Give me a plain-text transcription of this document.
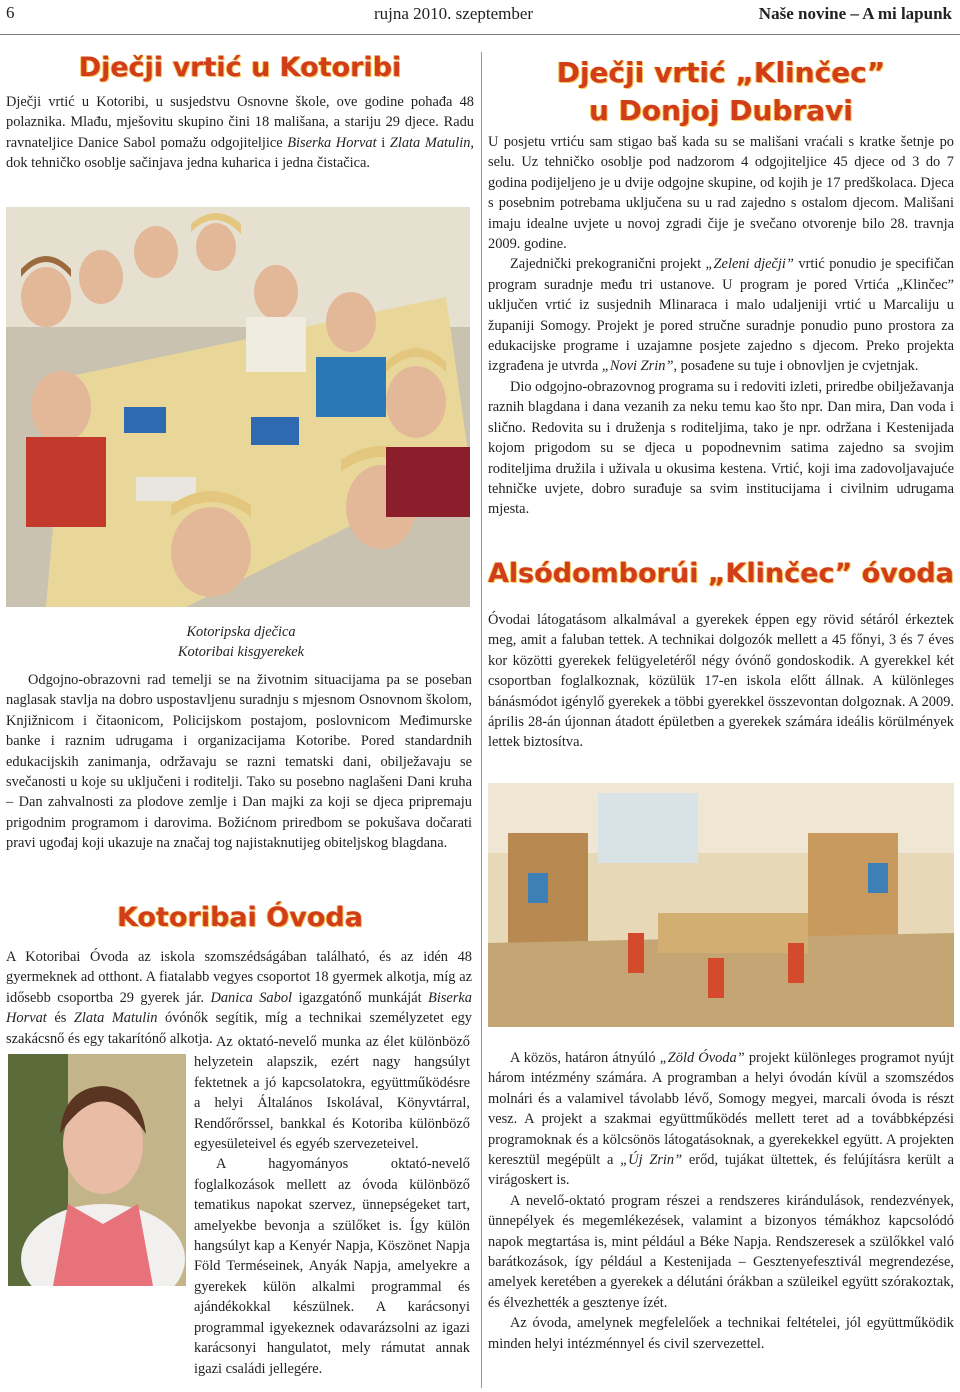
6	rujna 2010. szeptember	Naše novine – A mi lapunk
Dječji vrtić u Kotoribi

Dječji vrtić u Kotoribi, u susjedstvu Osnovne škole, ove godine pohađa 48 polaznika. Mlađu, mješovitu skupino čini 18 mališana, a stariju 29 djece. Radu ravnateljice Danice Sabol pomažu odgojiteljice Biserka Horvat i Zlata Matulin, dok tehničko osoblje sačinjava jedna kuharica i jedna čistačica.

Kotoripska dječica
Kotoribai kisgyerekek

Odgojno-obrazovni rad temelji se na životnim situacijama pa se poseban naglasak stavlja na dobro uspostavljenu suradnju s mjesnom Osnovnom školom, Knjižnicom i čitaonicom, Policijskom postajom, poslovnicom Međimurske banke i raznim udrugama i organizacijama Kotoribe. Pored standardnih edukacijskih zanimanja, održavaju se razni tematski dani, obilježavaju se svečanosti u koje su uključeni i roditelji. Tako su posebno naglašeni Dani kruha – Dan zahvalnosti za plodove zemlje i Dan majki za koji se djeca pripremaju prigodnim programom i darovima. Božićnom priredbom se pokušava dočarati pravi ugođaj koji ukazuje na značaj tog najistaknutijeg obiteljskog blagdana.

Kotoribai Óvoda

A Kotoribai Óvoda az iskola szomszédságában található, és az idén 48 gyermeknek ad otthont. A fiatalabb vegyes csoportot 18 gyermek alkotja, míg az idősebb csoportba 29 gyerek jár. Danica Sabol igazgatónő munkáját Biserka Horvat és Zlata Matulin óvónők segítik, míg a technikai személyzetet egy szakácsnő és egy takarítónő alkotja. Az oktató-nevelő munka az élet különböző helyzetein alapszik, ezért nagy hangsúlyt fektetnek a jó kapcsolatokra, együttműködésre a helyi Általános Iskolával, Könyvtárral, Rendőrőrssel, bankkal és Kotoriba különböző egyesületeivel és egyéb szervezeteivel.

A hagyományos oktató-nevelő foglalkozások mellett az óvoda különböző tematikus napokat szervez, ünnepségeket tart, amelyekbe bevonja a szülőket is. Így külön hangsúlyt kap a Kenyér Napja, Köszönet Napja Föld Terméseinek, Anyák Napja, amelyekre a gyerekek külön alkalmi programmal és ajándékokkal készülnek. A karácsonyi programmal igyekeznek odavarázsolni az igazi karácsonyi hangulatot, mely rámutat annak igazi családi jellegére.

Dječji vrtić „Klinčec”
u Donjoj Dubravi

U posjetu vrtiću sam stigao baš kada su se mališani vraćali s kratke šetnje po selu. Uz tehničko osoblje pod nadzorom 4 odgojiteljice 45 djece od 3 do 7 godina podijeljeno je u dvije odgojne skupine, od kojih je 17 predškolaca. Djeca s posebnim potrebama uključena su u rad zajedno s ostalom djecom. Mališani imaju idealne uvjete u novoj zgradi čije je svečano otvorenje bilo 28. travnja 2009. godine.

Zajednički prekogranični projekt „Zeleni dječji” vrtić ponudio je specifičan program suradnje među tri ustanove. U program je pored Vrtića „Klinčec” uključen vrtić iz susjednih Mlinaraca i malo udaljeniji vrtić u Marcaliju u županiji Somogy. Projekt je pored stručne suradnje ponudio puno prostora za edukacijske programe i uzajamne posjete zajedno s djecom. Preko projekta izgrađena je utvrda „Novi Zrin”, posađene su tuje i obnovljen je cvjetnjak.

Dio odgojno-obrazovnog programa su i redoviti izleti, priredbe obilježavanja raznih blagdana i dana vezanih za neku temu kao što npr. Dan mira, Dan voda i slično. Redovita su i druženja s roditeljima, tako je npr. održana i Kestenijada kojom prigodom su se djeca u popodnevnim satima zajedno sa svojim roditeljima družila i uživala u okusima kestena. Vrtić, koji ima zadovoljavajuće tehničke uvjete, dobro surađuje sa svim institucijama i civilnim udrugama mjesta.

Alsódomborúi „Klinčec” óvoda

Óvodai látogatásom alkalmával a gyerekek éppen egy rövid sétáról érkeztek meg, amit a faluban tettek. A technikai dolgozók mellett a 45 főnyi, 3 és 7 éves kor közötti gyerekek felügyeletéről négy óvónő gondoskodik. A gyerekkel két csoportban foglalkoznak, közülük 17-en iskola előtt állnak. A különleges bánásmódot igénylő gyerekek a többi gyerekkel összevontan dolgoznak. A 2009. április 28-án újonnan átadott épületben a gyerekek számára ideális körülmények lettek biztosítva.

A közös, határon átnyúló „Zöld Óvoda” projekt különleges programot nyújt három intézmény számára. A programban a helyi óvodán kívül a szomszédos molnári és a valamivel távolabb lévő, Somogy megyei, marcali óvoda is részt vesz. A projekt a szakmai együttműködés mellett teret ad a továbbképzési programoknak és a kölcsönös látogatásoknak, a gyerekekkel együtt. A projekten keresztül megépült a „Új Zrin” erőd, tujákat ültettek, és felújításra került a virágoskert is.

A nevelő-oktató program részei a rendszeres kirándulások, rendezvények, ünnepélyek és megemlékezések, valamint a bizonyos témákhoz kapcsolódó napok megtartása is, mint például a Béke Napja. Rendszeresek a szülőkkel való barátkozások, így például a Kestenijada – Gesztenyefesztivál megrendezése, amelyek keretében a gyerekek a délutáni órákban a szüleikel együtt szórakoztak, és élvezhették a gesztenye ízét.

Az óvoda, amelynek megfelelőek a technikai feltételei, jól együttműködik minden helyi intézménnyel és civil szervezettel.
